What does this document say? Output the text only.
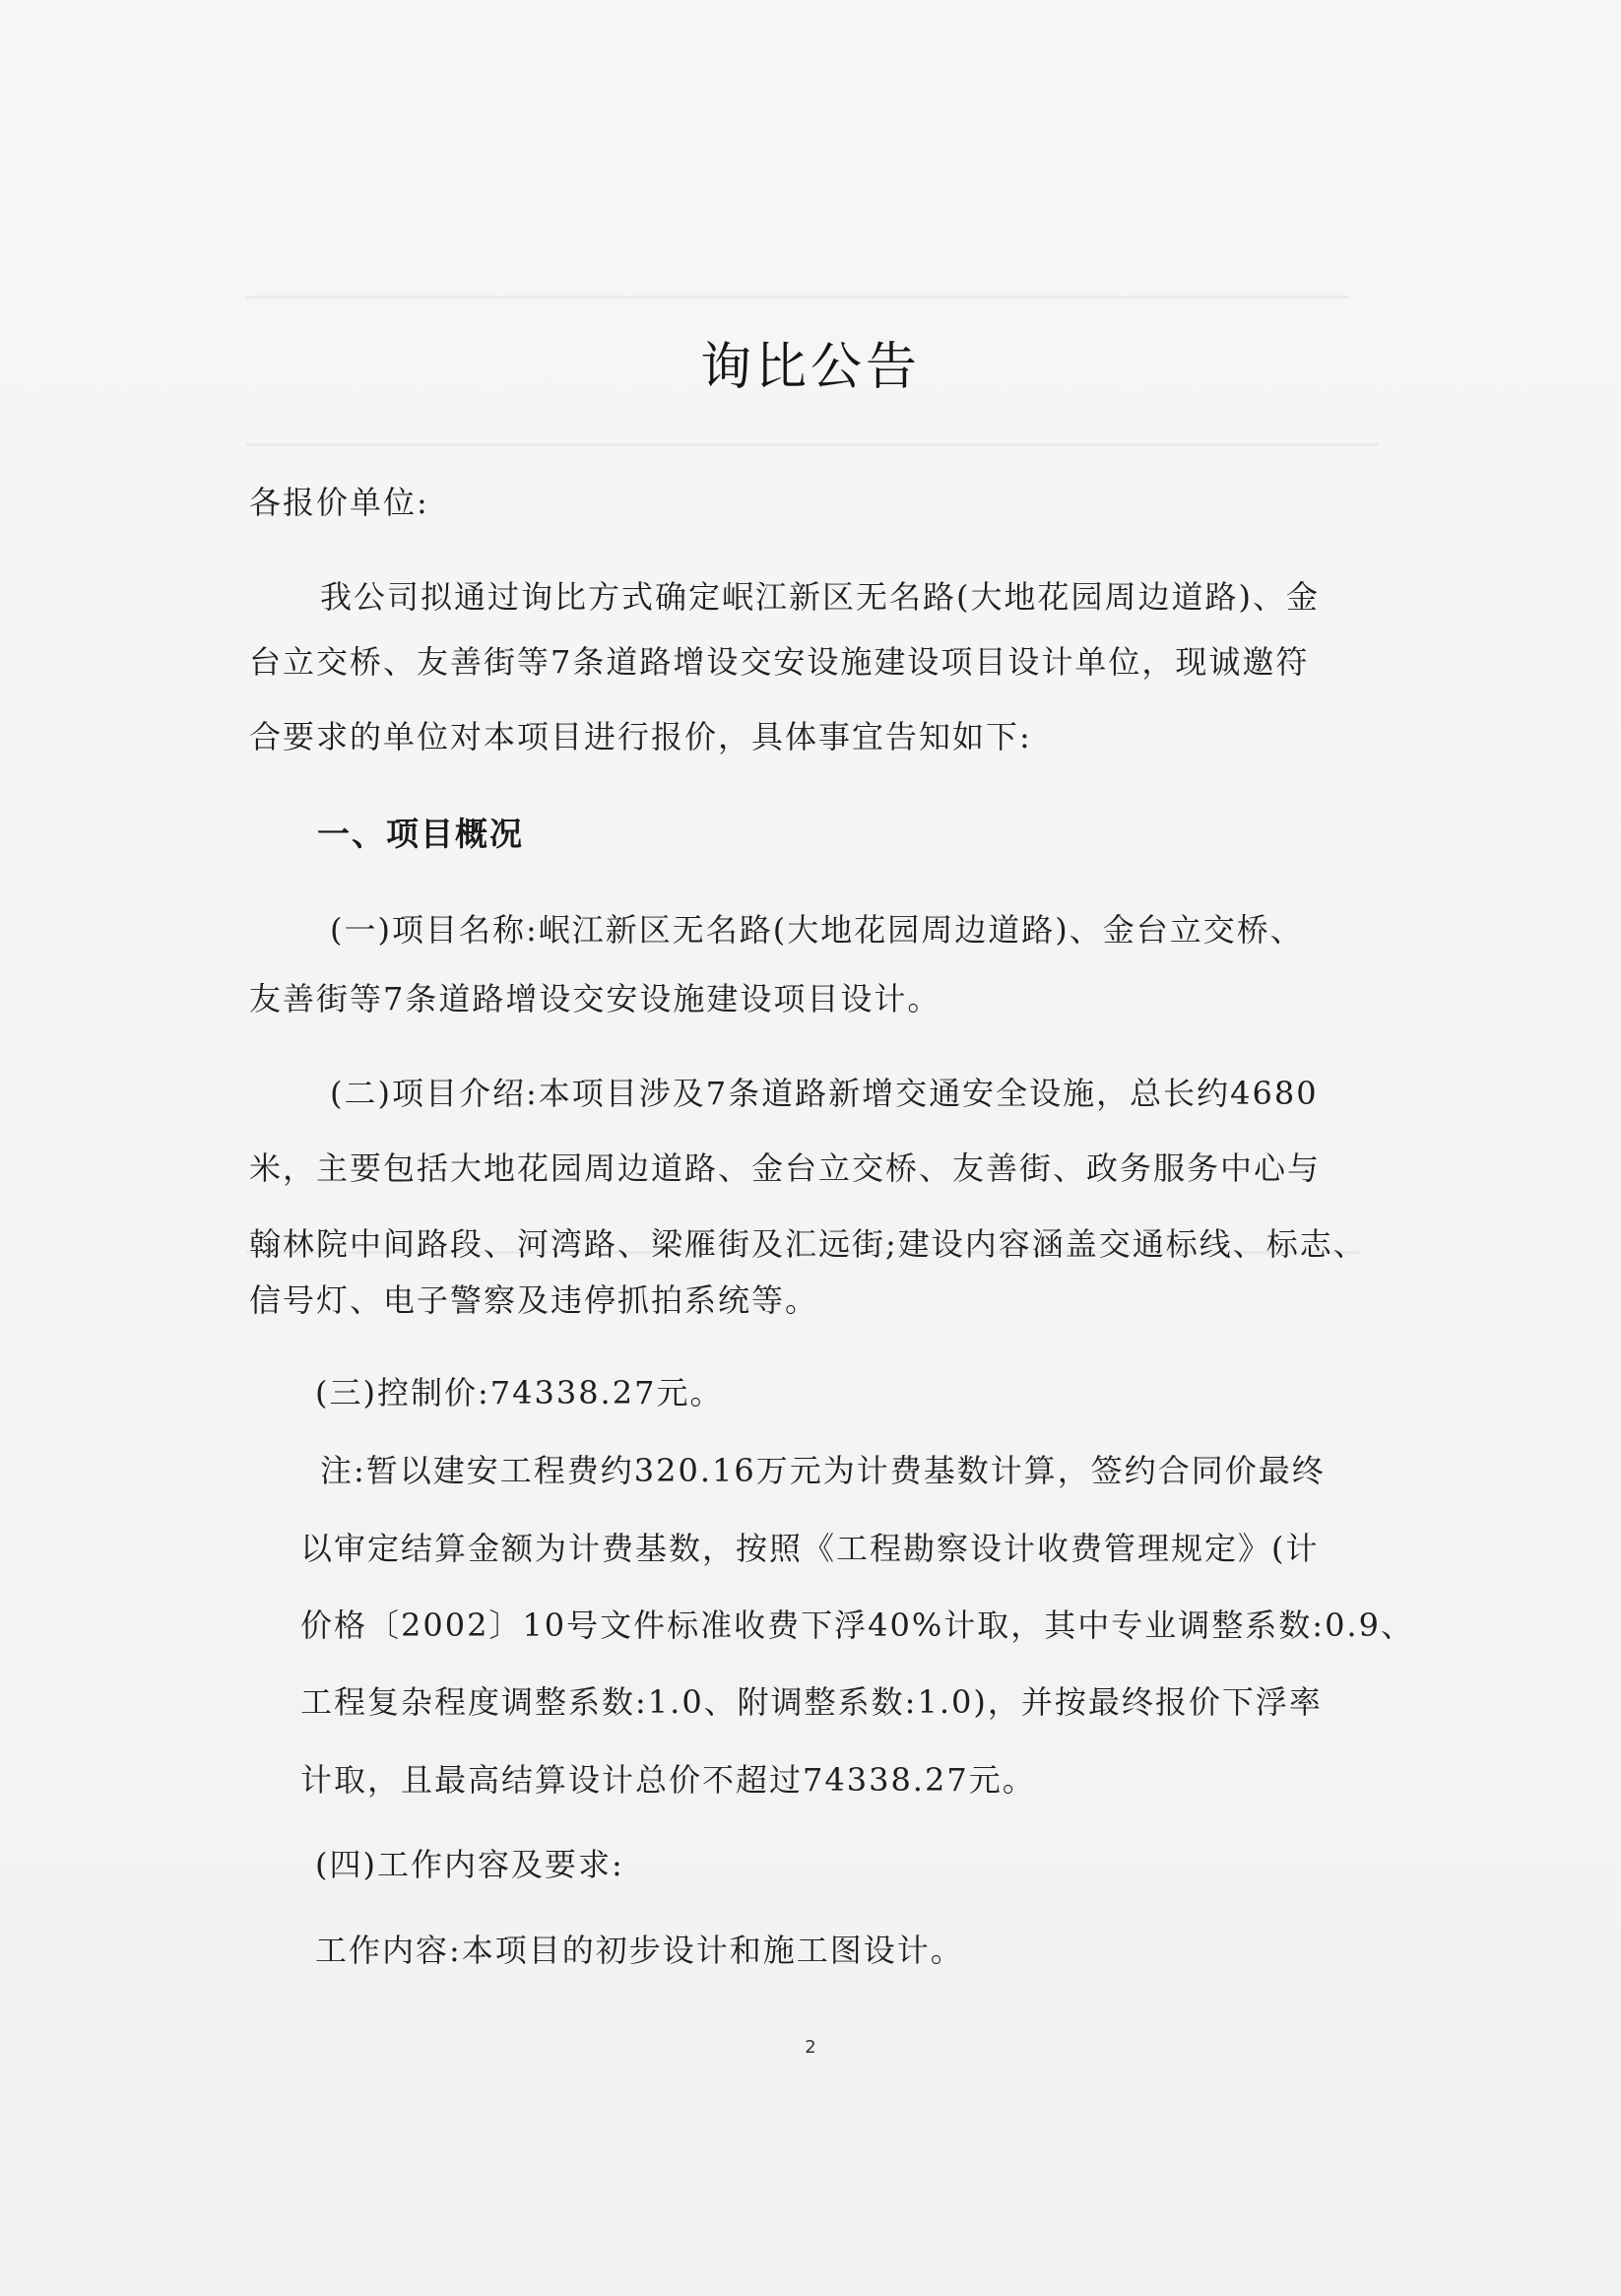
询比公告
各报价单位:
我公司拟通过询比方式确定岷江新区无名路(大地花园周边道路)、金
台立交桥、友善街等7条道路增设交安设施建设项目设计单位，现诚邀符
合要求的单位对本项目进行报价，具体事宜告知如下:
一、项目概况
(一)项目名称:岷江新区无名路(大地花园周边道路)、金台立交桥、
友善街等7条道路增设交安设施建设项目设计。
(二)项目介绍:本项目涉及7条道路新增交通安全设施，总长约4680
米，主要包括大地花园周边道路、金台立交桥、友善街、政务服务中心与
翰林院中间路段、河湾路、梁雁街及汇远街;建设内容涵盖交通标线、标志、
信号灯、电子警察及违停抓拍系统等。
(三)控制价:74338.27元。
注:暂以建安工程费约320.16万元为计费基数计算，签约合同价最终
以审定结算金额为计费基数，按照《工程勘察设计收费管理规定》(计
价格〔2002〕10号文件标准收费下浮40%计取，其中专业调整系数:0.9、
工程复杂程度调整系数:1.0、附调整系数:1.0)，并按最终报价下浮率
计取，且最高结算设计总价不超过74338.27元。
(四)工作内容及要求:
工作内容:本项目的初步设计和施工图设计。
2
